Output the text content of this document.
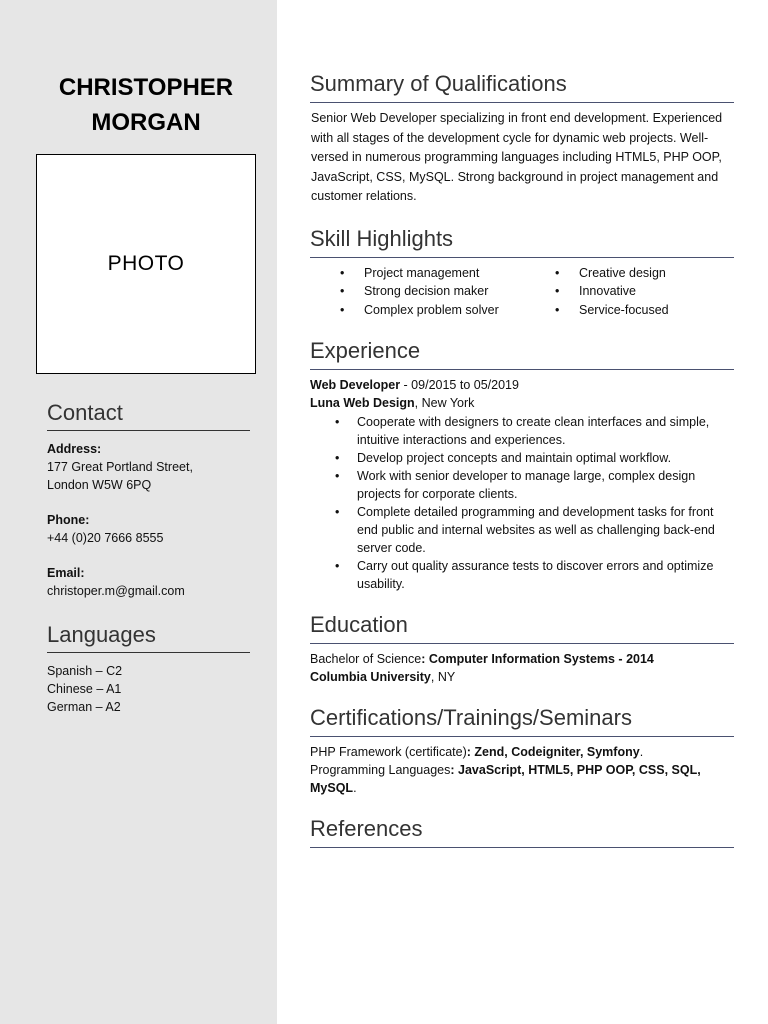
CHRISTOPHER
MORGAN
PHOTO
Contact
Address:
177 Great Portland Street,
London W5W 6PQ
Phone:
+44 (0)20 7666 8555
Email:
christoper.m@gmail.com
Languages
Spanish – C2
Chinese – A1
German – A2
Summary of Qualifications
Senior Web Developer specializing in front end development. Experienced with all stages of the development cycle for dynamic web projects. Well-versed in numerous programming languages including HTML5, PHP OOP, JavaScript, CSS, MySQL. Strong background in project management and customer relations.
Skill Highlights
• Project management
• Strong decision maker
• Complex problem solver
• Creative design
• Innovative
• Service-focused
Experience
Web Developer - 09/2015 to 05/2019
Luna Web Design, New York
• Cooperate with designers to create clean interfaces and simple, intuitive interactions and experiences.
• Develop project concepts and maintain optimal workflow.
• Work with senior developer to manage large, complex design projects for corporate clients.
• Complete detailed programming and development tasks for front end public and internal websites as well as challenging back-end server code.
• Carry out quality assurance tests to discover errors and optimize usability.
Education
Bachelor of Science: Computer Information Systems - 2014
Columbia University, NY
Certifications/Trainings/Seminars
PHP Framework (certificate): Zend, Codeigniter, Symfony.
Programming Languages: JavaScript, HTML5, PHP OOP, CSS, SQL, MySQL.
References
